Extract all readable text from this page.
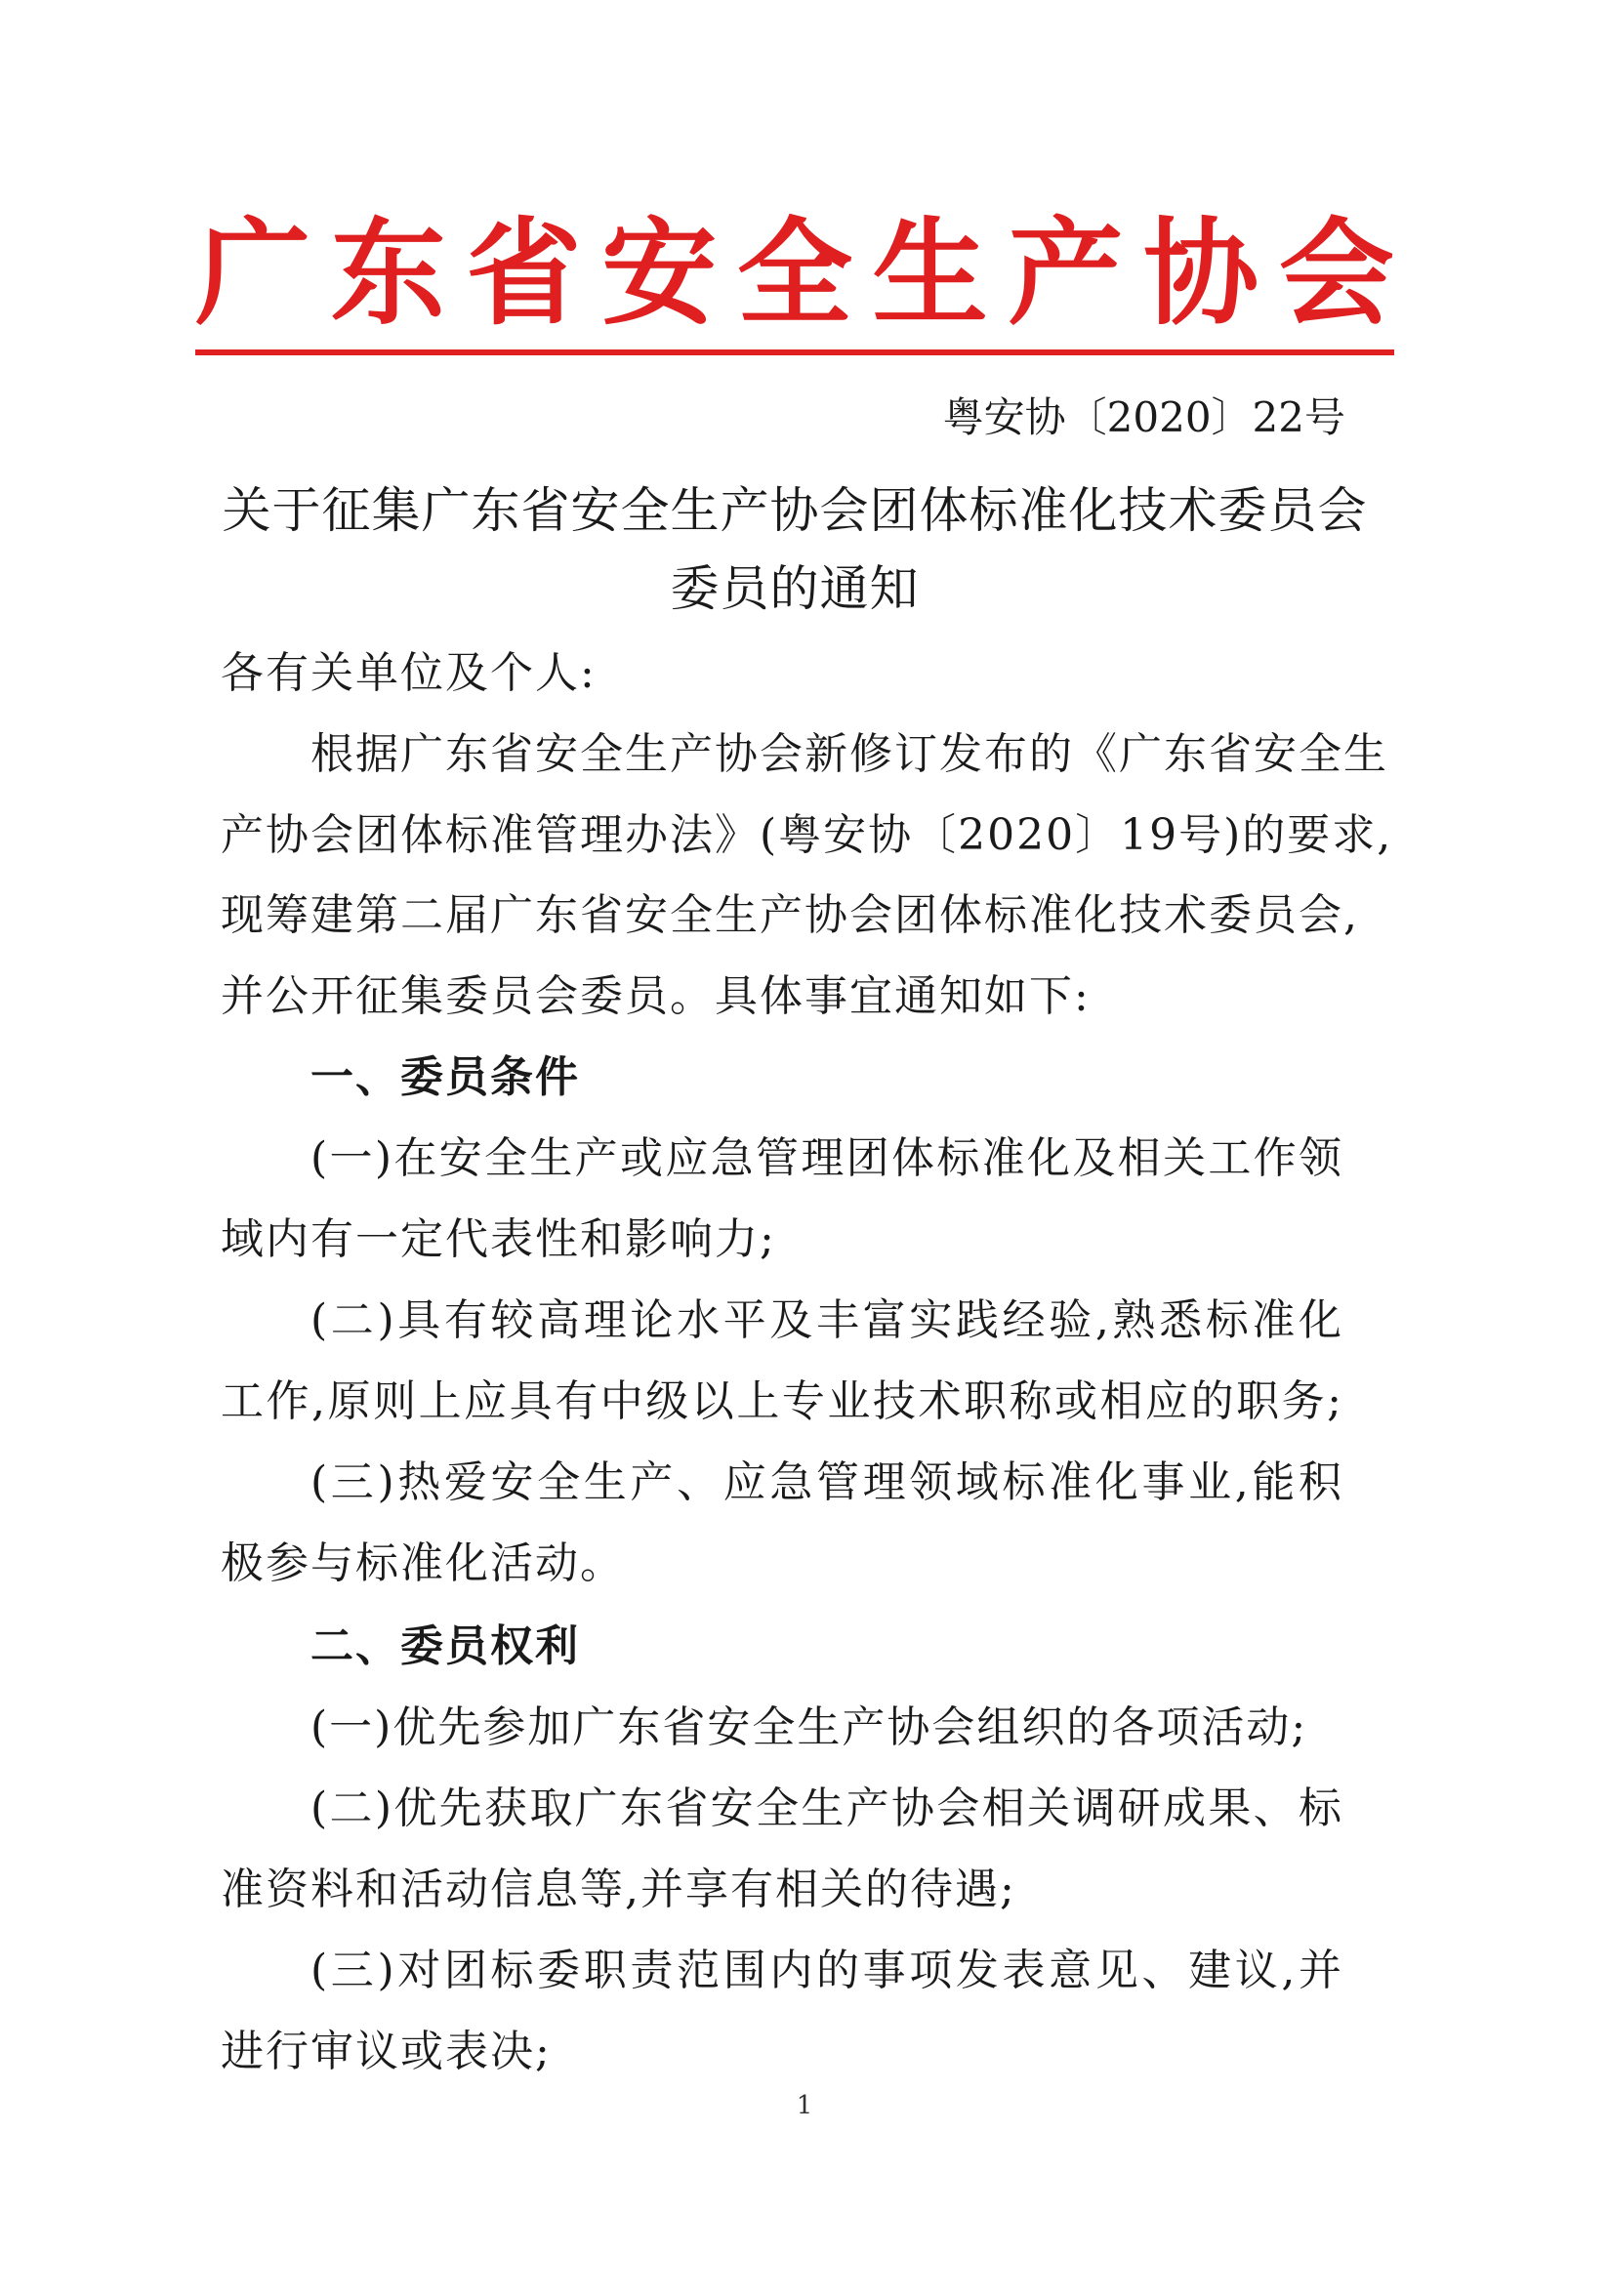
广 东 省 安 全 生 产 协 会
粤安协〔2020〕22号
关于征集广东省安全生产协会团体标准化技术委员会
委员的通知
各有关单位及个人:
根据广东省安全生产协会新修订发布的《广东省安全生
产协会团体标准管理办法》(粤安协〔2020〕19号)的要求,
现筹建第二届广东省安全生产协会团体标准化技术委员会,
并公开征集委员会委员。具体事宜通知如下:
一、委员条件
(一)在安全生产或应急管理团体标准化及相关工作领
域内有一定代表性和影响力;
(二)具有较高理论水平及丰富实践经验,熟悉标准化
工作,原则上应具有中级以上专业技术职称或相应的职务;
(三)热爱安全生产、应急管理领域标准化事业,能积
极参与标准化活动。
二、委员权利
(一)优先参加广东省安全生产协会组织的各项活动;
(二)优先获取广东省安全生产协会相关调研成果、标
准资料和活动信息等,并享有相关的待遇;
(三)对团标委职责范围内的事项发表意见、建议,并
进行审议或表决;
1
